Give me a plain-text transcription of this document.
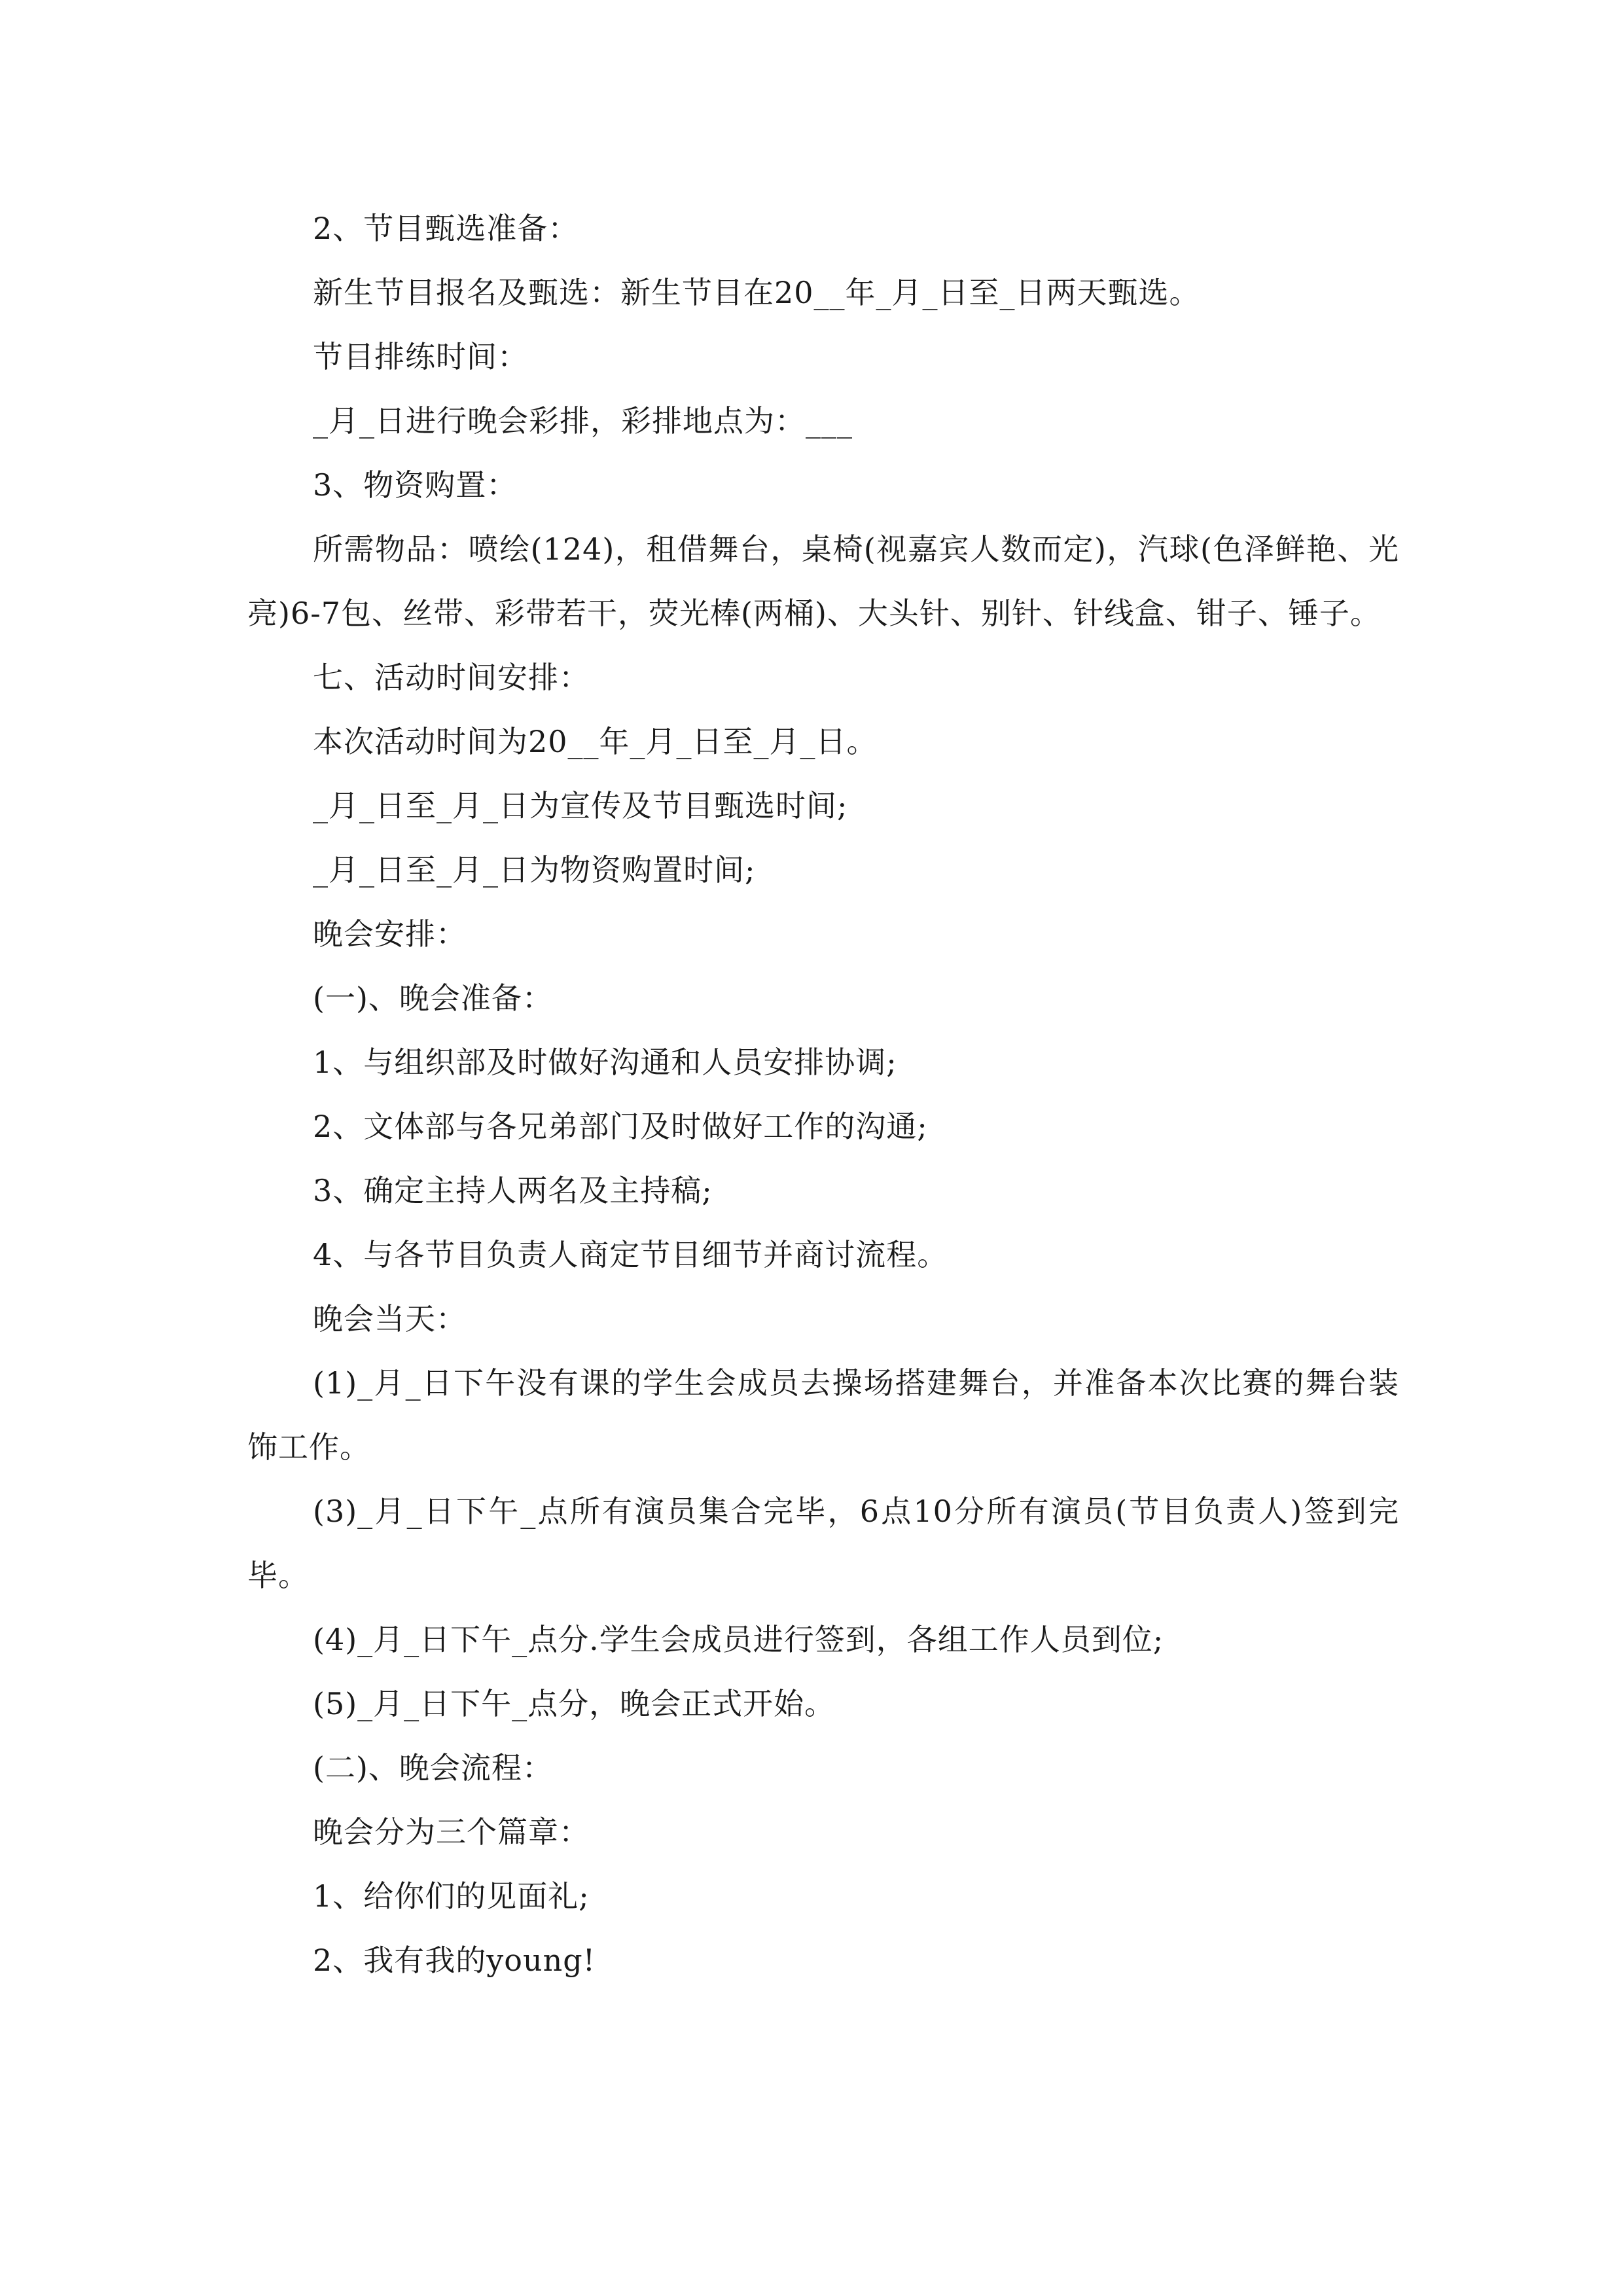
2、节目甄选准备：

新生节目报名及甄选：新生节目在20__年_月_日至_日两天甄选。

节目排练时间：

_月_日进行晚会彩排，彩排地点为：___

3、物资购置：

所需物品：喷绘(124)，租借舞台，桌椅(视嘉宾人数而定)，汽球(色泽鲜艳、光亮)6-7包、丝带、彩带若干，荧光棒(两桶)、大头针、别针、针线盒、钳子、锤子。

七、活动时间安排：

本次活动时间为20__年_月_日至_月_日。

_月_日至_月_日为宣传及节目甄选时间;

_月_日至_月_日为物资购置时间;

晚会安排：

(一)、晚会准备：

1、与组织部及时做好沟通和人员安排协调;

2、文体部与各兄弟部门及时做好工作的沟通;

3、确定主持人两名及主持稿;

4、与各节目负责人商定节目细节并商讨流程。

晚会当天：

(1)_月_日下午没有课的学生会成员去操场搭建舞台，并准备本次比赛的舞台装饰工作。

(3)_月_日下午_点所有演员集合完毕，6点10分所有演员(节目负责人)签到完毕。

(4)_月_日下午_点分.学生会成员进行签到，各组工作人员到位;

(5)_月_日下午_点分，晚会正式开始。

(二)、晚会流程：

晚会分为三个篇章：

1、给你们的见面礼;

2、我有我的young!
